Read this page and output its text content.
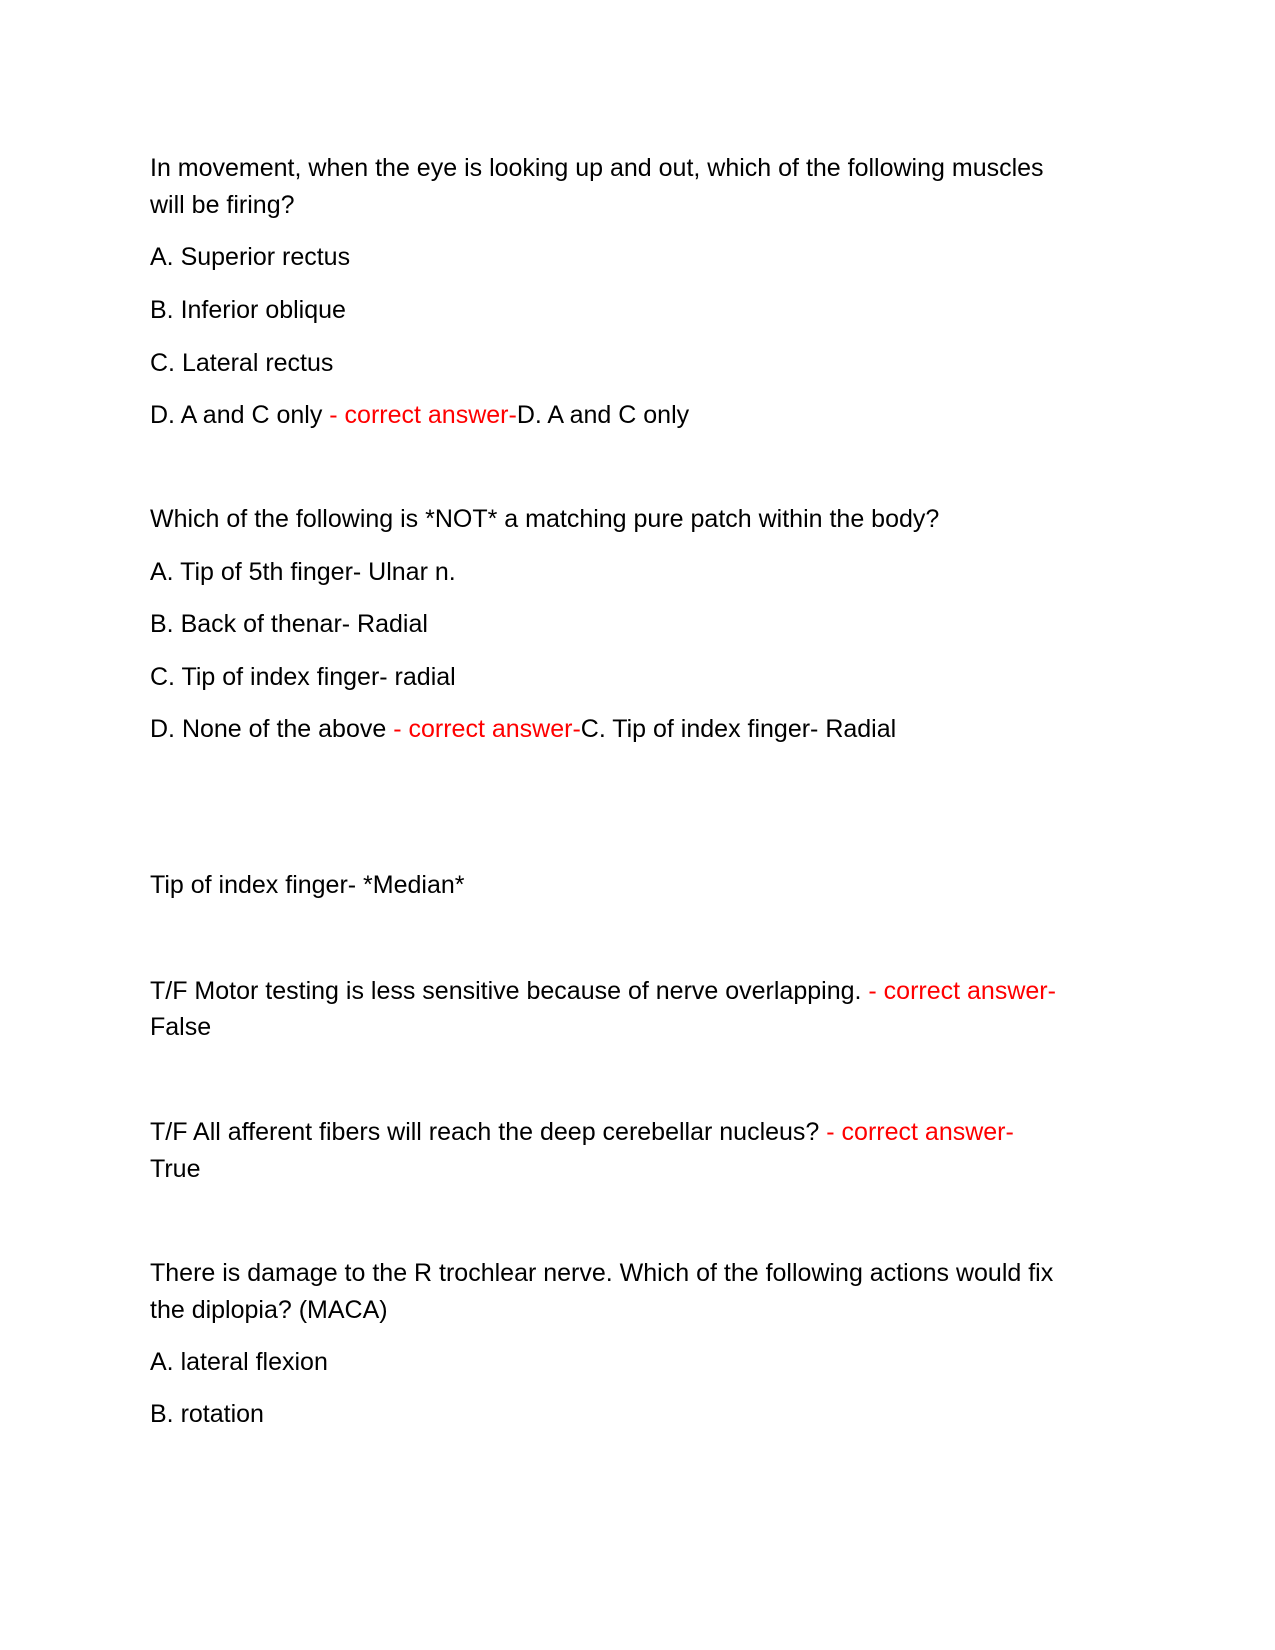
In movement, when the eye is looking up and out, which of the following muscles
will be firing?
A. Superior rectus
B. Inferior oblique
C. Lateral rectus
D. A and C only - correct answer-D. A and C only
Which of the following is *NOT* a matching pure patch within the body?
A. Tip of 5th finger- Ulnar n.
B. Back of thenar- Radial
C. Tip of index finger- radial
D. None of the above - correct answer-C. Tip of index finger- Radial
Tip of index finger- *Median*
T/F Motor testing is less sensitive because of nerve overlapping. - correct answer-
False
T/F All afferent fibers will reach the deep cerebellar nucleus? - correct answer-
True
There is damage to the R trochlear nerve. Which of the following actions would fix
the diplopia? (MACA)
A. lateral flexion
B. rotation
